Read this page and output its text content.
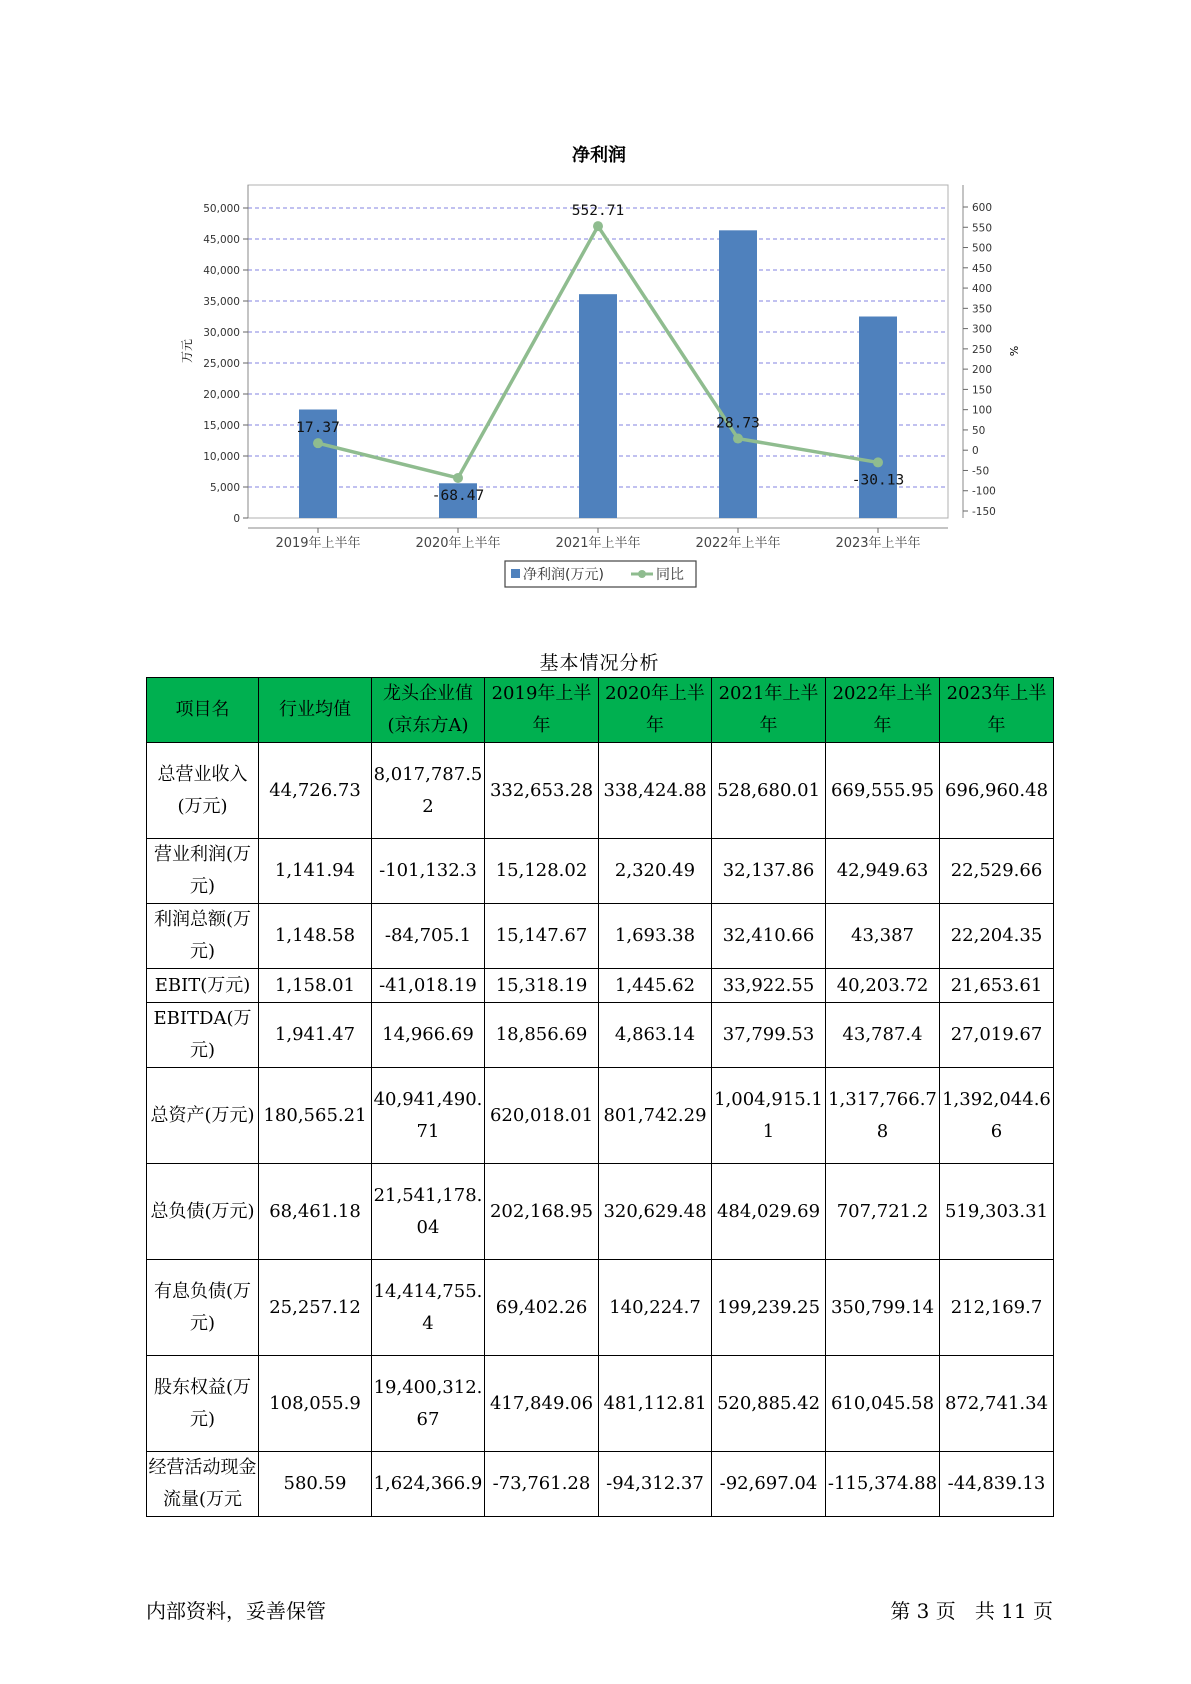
净利润
17.37
-68.47
552.71
28.73
-30.13
0
5,000
10,000
15,000
20,000
25,000
30,000
35,000
40,000
45,000
50,000
-150
-100
-50
0
50
100
150
200
250
300
350
400
450
500
550
600
2019年上半年	2020年上半年	2021年上半年	2022年上半年	2023年上半年
万元	%
净利润(万元)	同比
基本情况分析
项目名	行业均值	龙头企业值(京东方A)	2019年上半年	2020年上半年	2021年上半年	2022年上半年	2023年上半年
总营业收入(万元)	44,726.73	8,017,787.52	332,653.28	338,424.88	528,680.01	669,555.95	696,960.48
营业利润(万元)	1,141.94	-101,132.3	15,128.02	2,320.49	32,137.86	42,949.63	22,529.66
利润总额(万元)	1,148.58	-84,705.1	15,147.67	1,693.38	32,410.66	43,387	22,204.35
EBIT(万元)	1,158.01	-41,018.19	15,318.19	1,445.62	33,922.55	40,203.72	21,653.61
EBITDA(万元)	1,941.47	14,966.69	18,856.69	4,863.14	37,799.53	43,787.4	27,019.67
总资产(万元)	180,565.21	40,941,490.71	620,018.01	801,742.29	1,004,915.11	1,317,766.78	1,392,044.66
总负债(万元)	68,461.18	21,541,178.04	202,168.95	320,629.48	484,029.69	707,721.2	519,303.31
有息负债(万元)	25,257.12	14,414,755.4	69,402.26	140,224.7	199,239.25	350,799.14	212,169.7
股东权益(万元)	108,055.9	19,400,312.67	417,849.06	481,112.81	520,885.42	610,045.58	872,741.34
经营活动现金流量(万元	580.59	1,624,366.9	-73,761.28	-94,312.37	-92,697.04	-115,374.88	-44,839.13
内部资料，妥善保管	第 3 页   共 11 页
